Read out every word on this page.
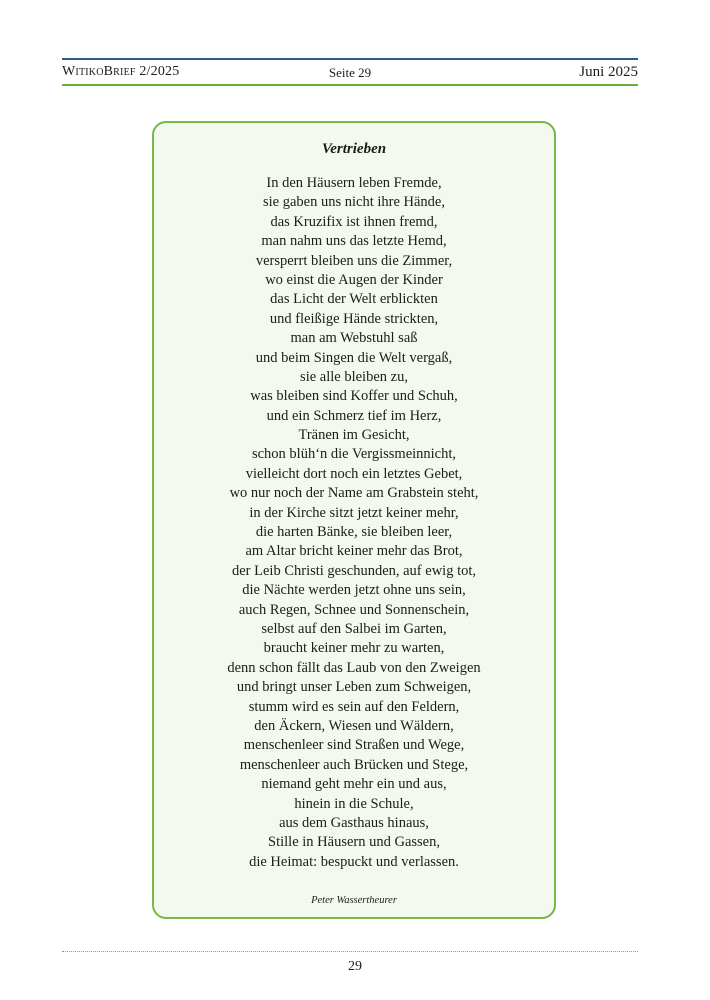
WitikoBrief 2/2025	Seite 29	Juni 2025
Vertrieben
In den Häusern leben Fremde,
sie gaben uns nicht ihre Hände,
das Kruzifix ist ihnen fremd,
man nahm uns das letzte Hemd,
versperrt bleiben uns die Zimmer,
wo einst die Augen der Kinder
das Licht der Welt erblickten
und fleißige Hände strickten,
man am Webstuhl saß
und beim Singen die Welt vergaß,
sie alle bleiben zu,
was bleiben sind Koffer und Schuh,
und ein Schmerz tief im Herz,
Tränen im Gesicht,
schon blüh‘n die Vergissmeinnicht,
vielleicht dort noch ein letztes Gebet,
wo nur noch der Name am Grabstein steht,
in der Kirche sitzt jetzt keiner mehr,
die harten Bänke, sie bleiben leer,
am Altar bricht keiner mehr das Brot,
der Leib Christi geschunden, auf ewig tot,
die Nächte werden jetzt ohne uns sein,
auch Regen, Schnee und Sonnenschein,
selbst auf den Salbei im Garten,
braucht keiner mehr zu warten,
denn schon fällt das Laub von den Zweigen
und bringt unser Leben zum Schweigen,
stumm wird es sein auf den Feldern,
den Äckern, Wiesen und Wäldern,
menschenleer sind Straßen und Wege,
menschenleer auch Brücken und Stege,
niemand geht mehr ein und aus,
hinein in die Schule,
aus dem Gasthaus hinaus,
Stille in Häusern und Gassen,
die Heimat: bespuckt und verlassen.
Peter Wassertheurer
29
